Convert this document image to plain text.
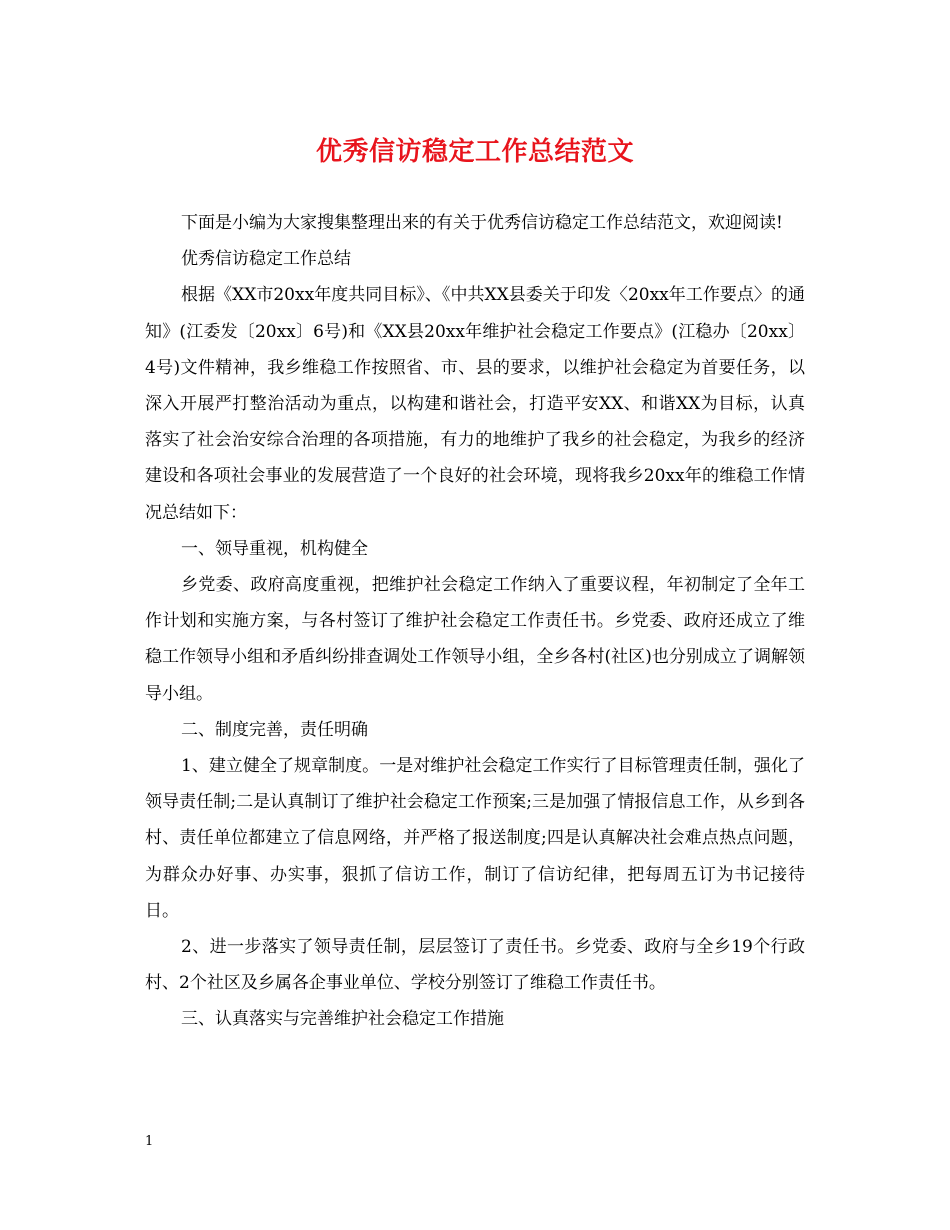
优秀信访稳定工作总结范文

下面是小编为大家搜集整理出来的有关于优秀信访稳定工作总结范文，欢迎阅读!

优秀信访稳定工作总结

根据《XX市20xx年度共同目标》、《中共XX县委关于印发〈20xx年工作要点〉的通知》(江委发〔20xx〕6号)和《XX县20xx年维护社会稳定工作要点》(江稳办〔20xx〕4号)文件精神，我乡维稳工作按照省、市、县的要求，以维护社会稳定为首要任务，以深入开展严打整治活动为重点，以构建和谐社会，打造平安XX、和谐XX为目标，认真落实了社会治安综合治理的各项措施，有力的地维护了我乡的社会稳定，为我乡的经济建设和各项社会事业的发展营造了一个良好的社会环境，现将我乡20xx年的维稳工作情况总结如下：

一、领导重视，机构健全

乡党委、政府高度重视，把维护社会稳定工作纳入了重要议程，年初制定了全年工作计划和实施方案，与各村签订了维护社会稳定工作责任书。乡党委、政府还成立了维稳工作领导小组和矛盾纠纷排查调处工作领导小组，全乡各村(社区)也分别成立了调解领导小组。

二、制度完善，责任明确

1、建立健全了规章制度。一是对维护社会稳定工作实行了目标管理责任制，强化了领导责任制;二是认真制订了维护社会稳定工作预案;三是加强了情报信息工作，从乡到各村、责任单位都建立了信息网络，并严格了报送制度;四是认真解决社会难点热点问题，为群众办好事、办实事，狠抓了信访工作，制订了信访纪律，把每周五订为书记接待日。

2、进一步落实了领导责任制，层层签订了责任书。乡党委、政府与全乡19个行政村、2个社区及乡属各企事业单位、学校分别签订了维稳工作责任书。

三、认真落实与完善维护社会稳定工作措施

1
